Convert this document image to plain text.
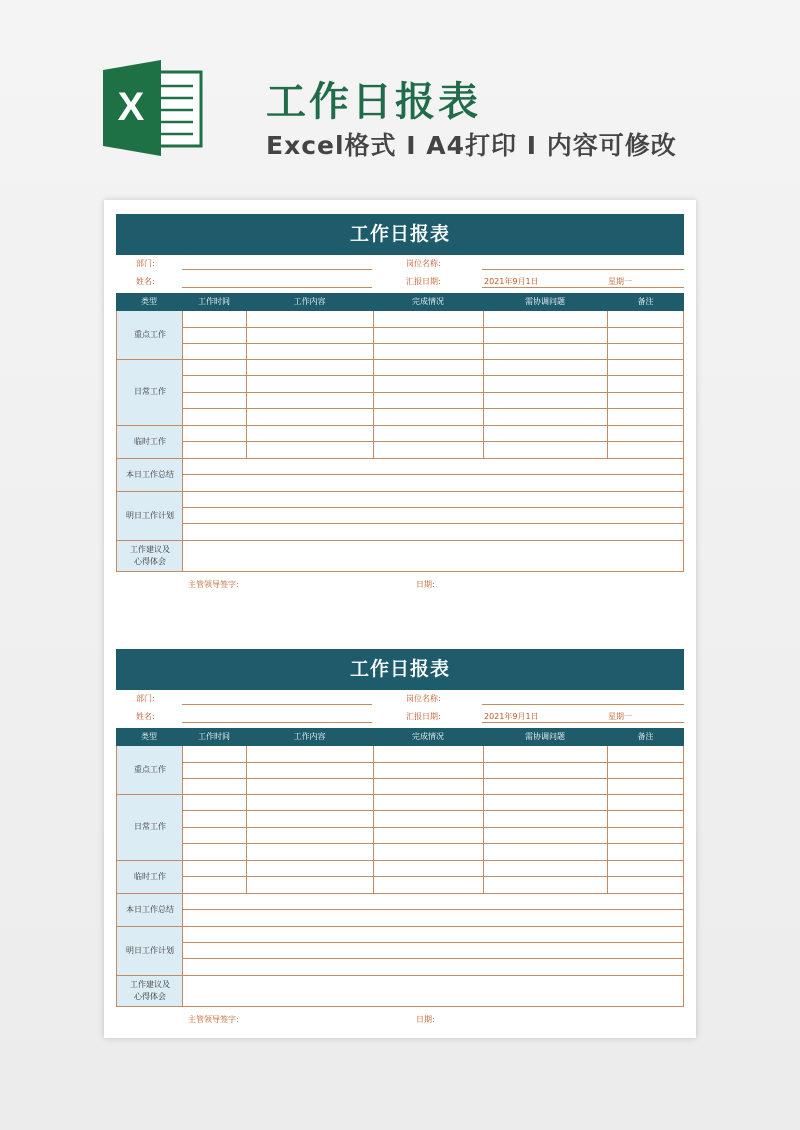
X	工作日报表
Excel格式 I A4打印 I 内容可修改
工作日报表
部门:	岗位名称:
姓名:	汇报日期:	2021年9月1日	星期一
类型	工作时间	工作内容	完成情况	需协调问题	备注
重点工作
日常工作
临时工作
本日工作总结
明日工作计划
工作建议及心得体会
主管领导签字:	日期:
工作日报表
部门:	岗位名称:
姓名:	汇报日期:	2021年9月1日	星期一
类型	工作时间	工作内容	完成情况	需协调问题	备注
重点工作
日常工作
临时工作
本日工作总结
明日工作计划
工作建议及心得体会
主管领导签字:	日期:
